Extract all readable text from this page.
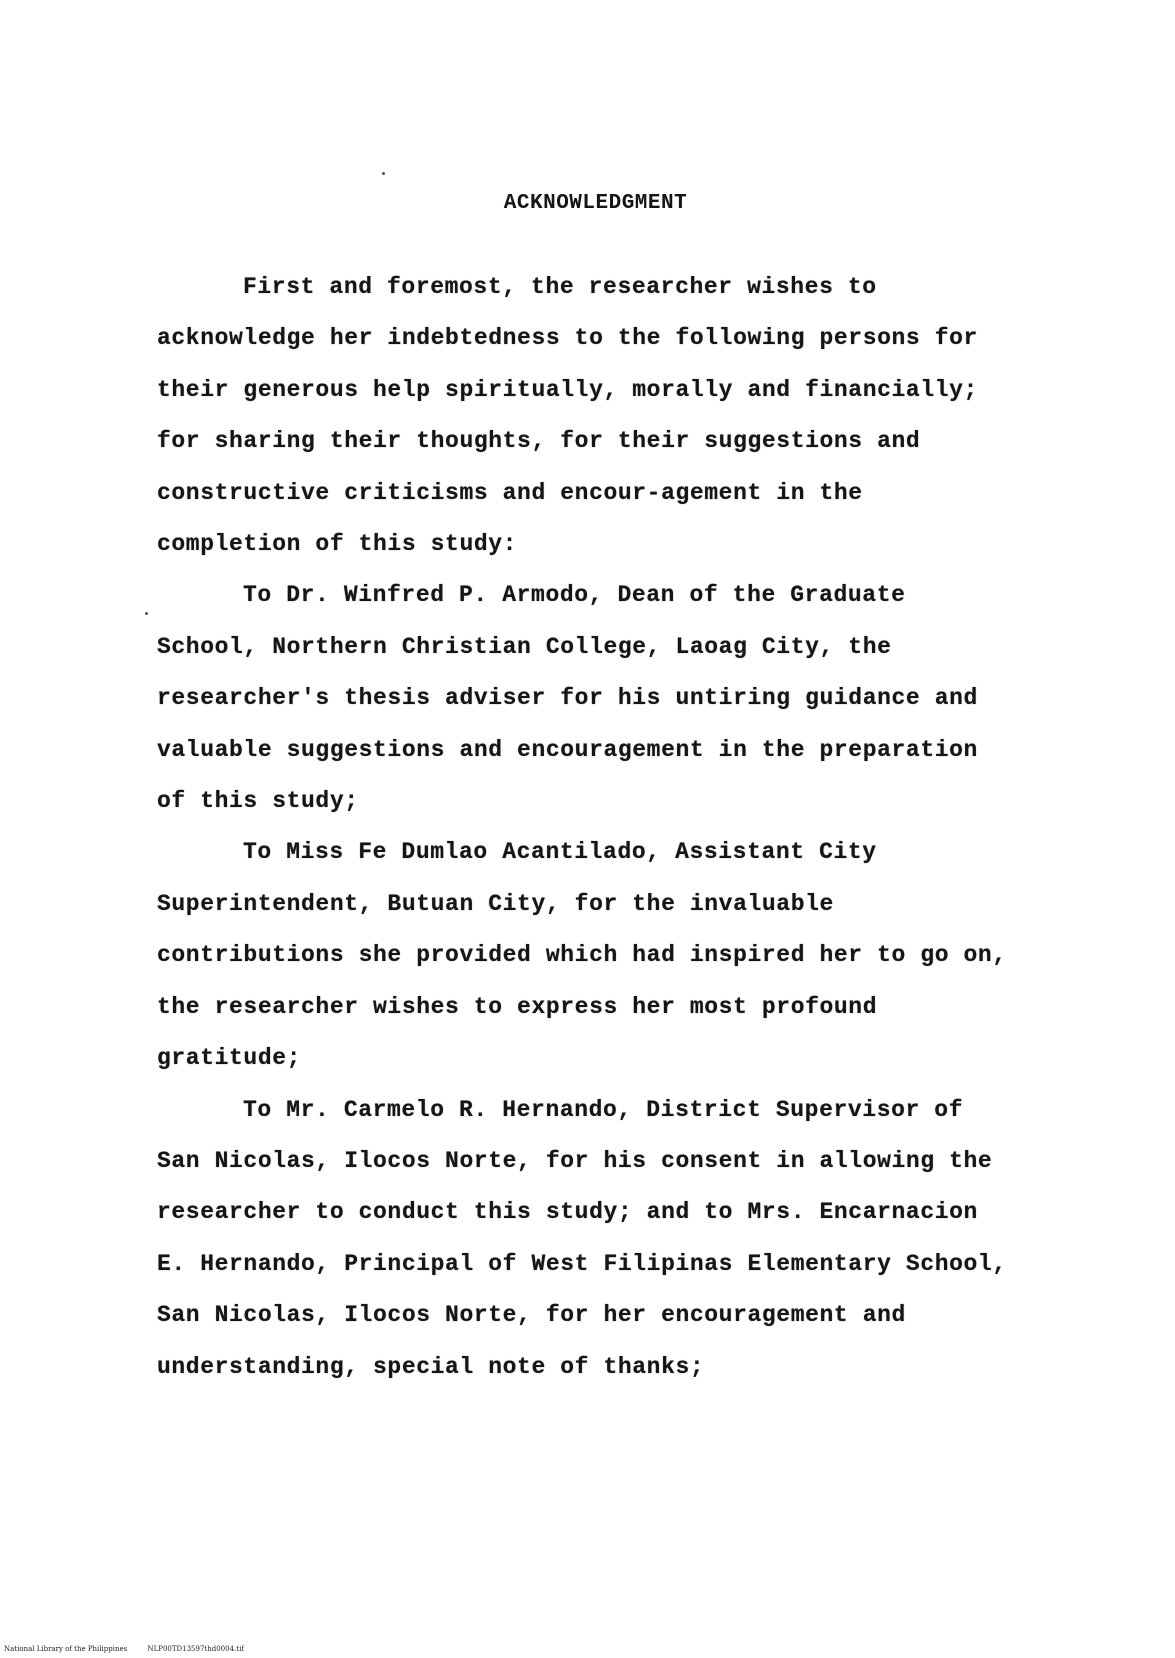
ACKNOWLEDGMENT

First and foremost, the researcher wishes to acknowledge her indebtedness to the following persons for their generous help spiritually, morally and financially; for sharing their thoughts, for their suggestions and constructive criticisms and encour-agement in the completion of this study:

To Dr. Winfred P. Armodo, Dean of the Graduate School, Northern Christian College, Laoag City, the researcher's thesis adviser for his untiring guidance and valuable suggestions and encouragement in the preparation of this study;

To Miss Fe Dumlao Acantilado, Assistant City Superintendent, Butuan City, for the invaluable contributions she provided which had inspired her to go on, the researcher wishes to express her most profound gratitude;

To Mr. Carmelo R. Hernando, District Supervisor of San Nicolas, Ilocos Norte, for his consent in allowing the researcher to conduct this study; and to Mrs. Encarnacion E. Hernando, Principal of West Filipinas Elementary School, San Nicolas, Ilocos Norte, for her encouragement and understanding, special note of thanks;

National Library of the Philippines	NLP00TD13597thd0004.tif
